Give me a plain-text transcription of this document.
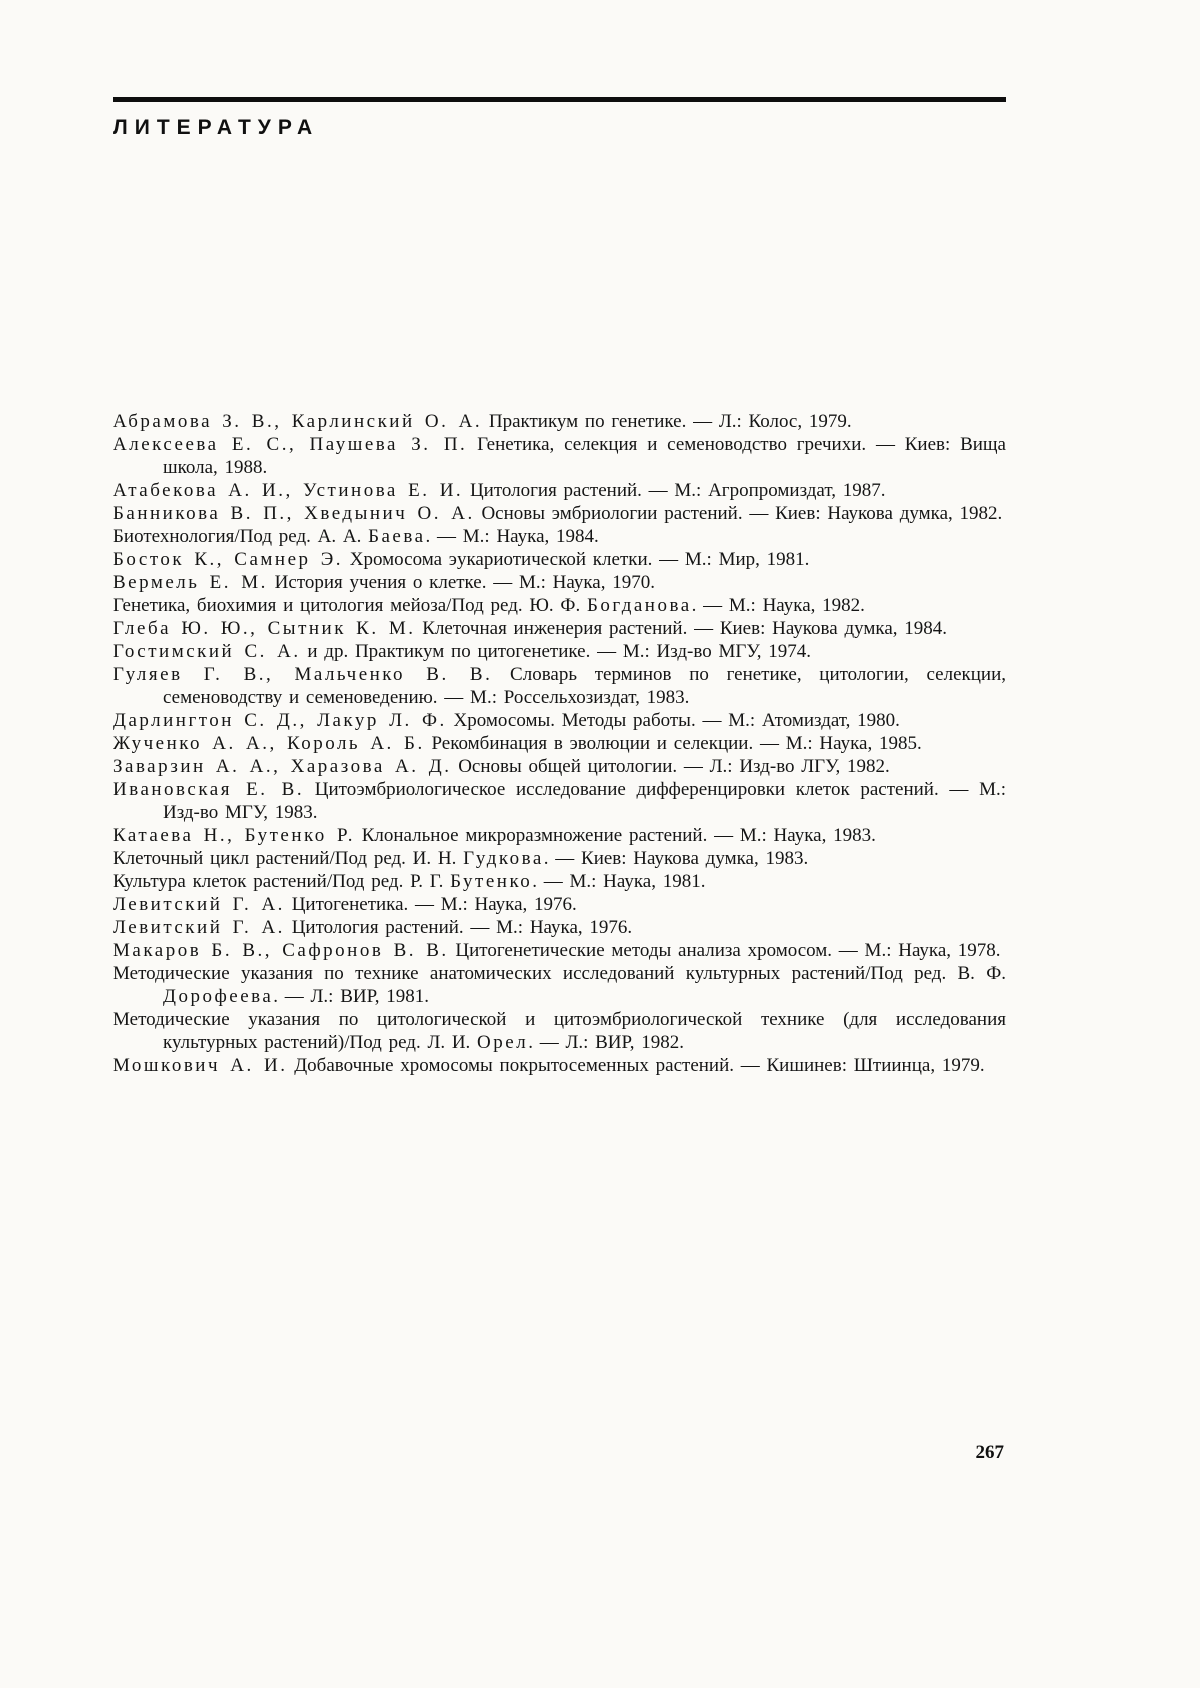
ЛИТЕРАТУРА

Абрамова З. В., Карлинский О. А. Практикум по генетике. — Л.: Колос, 1979.

Алексеева Е. С., Паушева З. П. Генетика, селекция и семеноводство гречихи. — Киев: Вища школа, 1988.

Атабекова А. И., Устинова Е. И. Цитология растений. — М.: Агропромиздат, 1987.

Банникова В. П., Хведынич О. А. Основы эмбриологии растений. — Киев: Наукова думка, 1982.

Биотехнология/Под ред. А. А. Баева. — М.: Наука, 1984.

Босток К., Самнер Э. Хромосома эукариотической клетки. — М.: Мир, 1981.

Вермель Е. М. История учения о клетке. — М.: Наука, 1970.

Генетика, биохимия и цитология мейоза/Под ред. Ю. Ф. Богданова. — М.: Наука, 1982.

Глеба Ю. Ю., Сытник К. М. Клеточная инженерия растений. — Киев: Наукова думка, 1984.

Гостимский С. А. и др. Практикум по цитогенетике. — М.: Изд-во МГУ, 1974.

Гуляев Г. В., Мальченко В. В. Словарь терминов по генетике, цитологии, селекции, семеноводству и семеноведению. — М.: Россельхозиздат, 1983.

Дарлингтон С. Д., Лакур Л. Ф. Хромосомы. Методы работы. — М.: Атомиздат, 1980.

Жученко А. А., Король А. Б. Рекомбинация в эволюции и селекции. — М.: Наука, 1985.

Заварзин А. А., Харазова А. Д. Основы общей цитологии. — Л.: Изд-во ЛГУ, 1982.

Ивановская Е. В. Цитоэмбриологическое исследование дифференцировки клеток растений. — М.: Изд-во МГУ, 1983.

Катаева Н., Бутенко Р. Клональное микроразмножение растений. — М.: Наука, 1983.

Клеточный цикл растений/Под ред. И. Н. Гудкова. — Киев: Наукова думка, 1983.

Культура клеток растений/Под ред. Р. Г. Бутенко. — М.: Наука, 1981.

Левитский Г. А. Цитогенетика. — М.: Наука, 1976.

Левитский Г. А. Цитология растений. — М.: Наука, 1976.

Макаров Б. В., Сафронов В. В. Цитогенетические методы анализа хромосом. — М.: Наука, 1978.

Методические указания по технике анатомических исследований культурных растений/Под ред. В. Ф. Дорофеева. — Л.: ВИР, 1981.

Методические указания по цитологической и цитоэмбриологической технике (для исследования культурных растений)/Под ред. Л. И. Орел. — Л.: ВИР, 1982.

Мошкович А. И. Добавочные хромосомы покрытосеменных растений. — Кишинев: Штиинца, 1979.

267
